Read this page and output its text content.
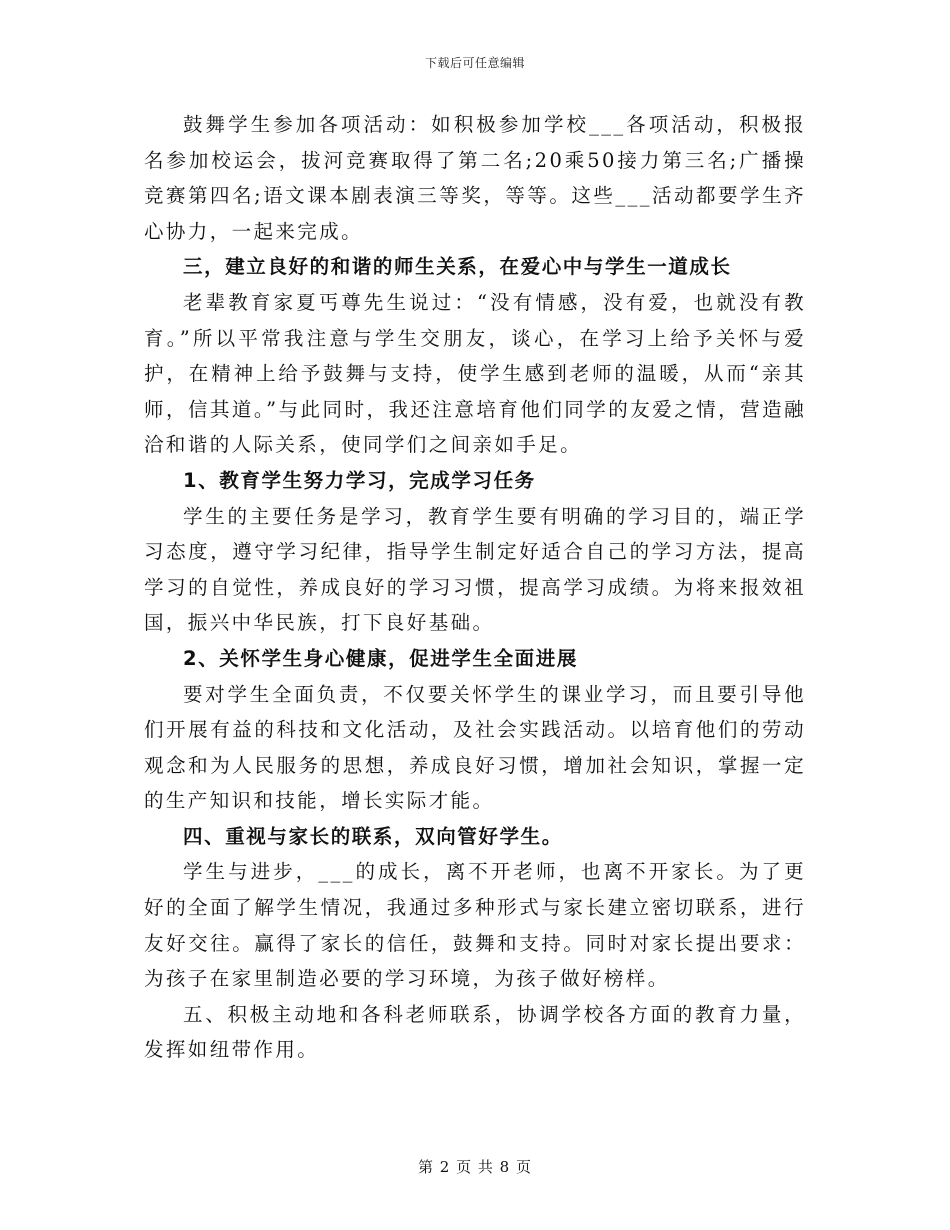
下载后可任意编辑

鼓舞学生参加各项活动：如积极参加学校___各项活动，积极报名参加校运会，拔河竞赛取得了第二名;20乘50接力第三名;广播操竞赛第四名;语文课本剧表演三等奖，等等。这些___活动都要学生齐心协力，一起来完成。

三，建立良好的和谐的师生关系，在爱心中与学生一道成长

老辈教育家夏丐尊先生说过：“没有情感，没有爱，也就没有教育。”所以平常我注意与学生交朋友，谈心，在学习上给予关怀与爱护，在精神上给予鼓舞与支持，使学生感到老师的温暖，从而“亲其师，信其道。”与此同时，我还注意培育他们同学的友爱之情，营造融洽和谐的人际关系，使同学们之间亲如手足。

1、教育学生努力学习，完成学习任务

学生的主要任务是学习，教育学生要有明确的学习目的，端正学习态度，遵守学习纪律，指导学生制定好适合自己的学习方法，提高学习的自觉性，养成良好的学习习惯，提高学习成绩。为将来报效祖国，振兴中华民族，打下良好基础。

2、关怀学生身心健康，促进学生全面进展

要对学生全面负责，不仅要关怀学生的课业学习，而且要引导他们开展有益的科技和文化活动，及社会实践活动。以培育他们的劳动观念和为人民服务的思想，养成良好习惯，增加社会知识，掌握一定的生产知识和技能，增长实际才能。

四、重视与家长的联系，双向管好学生。

学生与进步，___的成长，离不开老师，也离不开家长。为了更好的全面了解学生情况，我通过多种形式与家长建立密切联系，进行友好交往。赢得了家长的信任，鼓舞和支持。同时对家长提出要求：为孩子在家里制造必要的学习环境，为孩子做好榜样。

五、积极主动地和各科老师联系，协调学校各方面的教育力量，发挥如纽带作用。

第 2 页 共 8 页
